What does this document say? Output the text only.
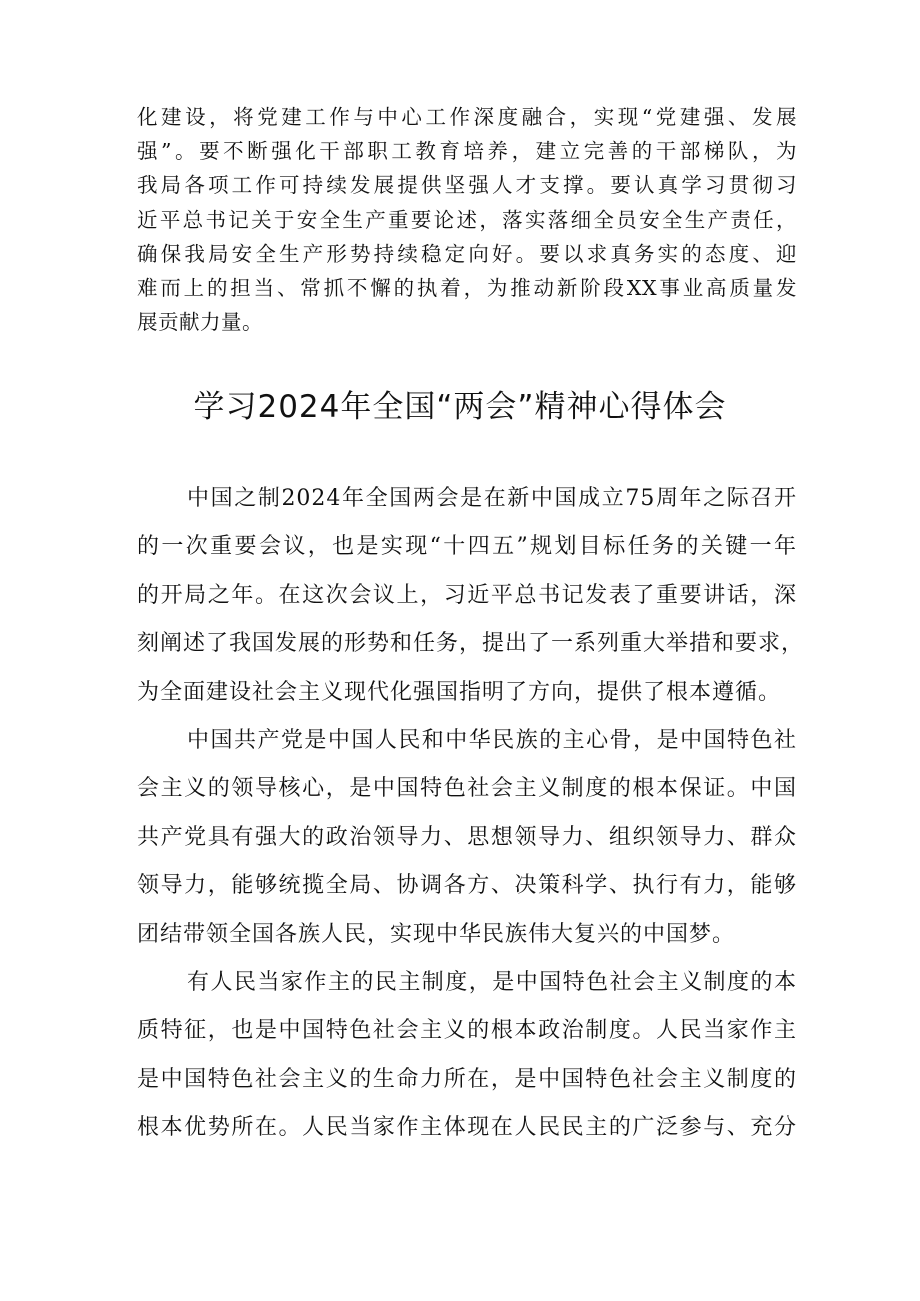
化建设，将党建工作与中心工作深度融合，实现“党建强、发展
强”。要不断强化干部职工教育培养，建立完善的干部梯队，为
我局各项工作可持续发展提供坚强人才支撑。要认真学习贯彻习
近平总书记关于安全生产重要论述，落实落细全员安全生产责任，
确保我局安全生产形势持续稳定向好。要以求真务实的态度、迎
难而上的担当、常抓不懈的执着，为推动新阶段XX事业高质量发
展贡献力量。
学习2024年全国“两会”精神心得体会
中国之制2024年全国两会是在新中国成立75周年之际召开
的一次重要会议，也是实现“十四五”规划目标任务的关键一年
的开局之年。在这次会议上，习近平总书记发表了重要讲话，深
刻阐述了我国发展的形势和任务，提出了一系列重大举措和要求，
为全面建设社会主义现代化强国指明了方向，提供了根本遵循。
中国共产党是中国人民和中华民族的主心骨，是中国特色社
会主义的领导核心，是中国特色社会主义制度的根本保证。中国
共产党具有强大的政治领导力、思想领导力、组织领导力、群众
领导力，能够统揽全局、协调各方、决策科学、执行有力，能够
团结带领全国各族人民，实现中华民族伟大复兴的中国梦。
有人民当家作主的民主制度，是中国特色社会主义制度的本
质特征，也是中国特色社会主义的根本政治制度。人民当家作主
是中国特色社会主义的生命力所在，是中国特色社会主义制度的
根本优势所在。人民当家作主体现在人民民主的广泛参与、充分
